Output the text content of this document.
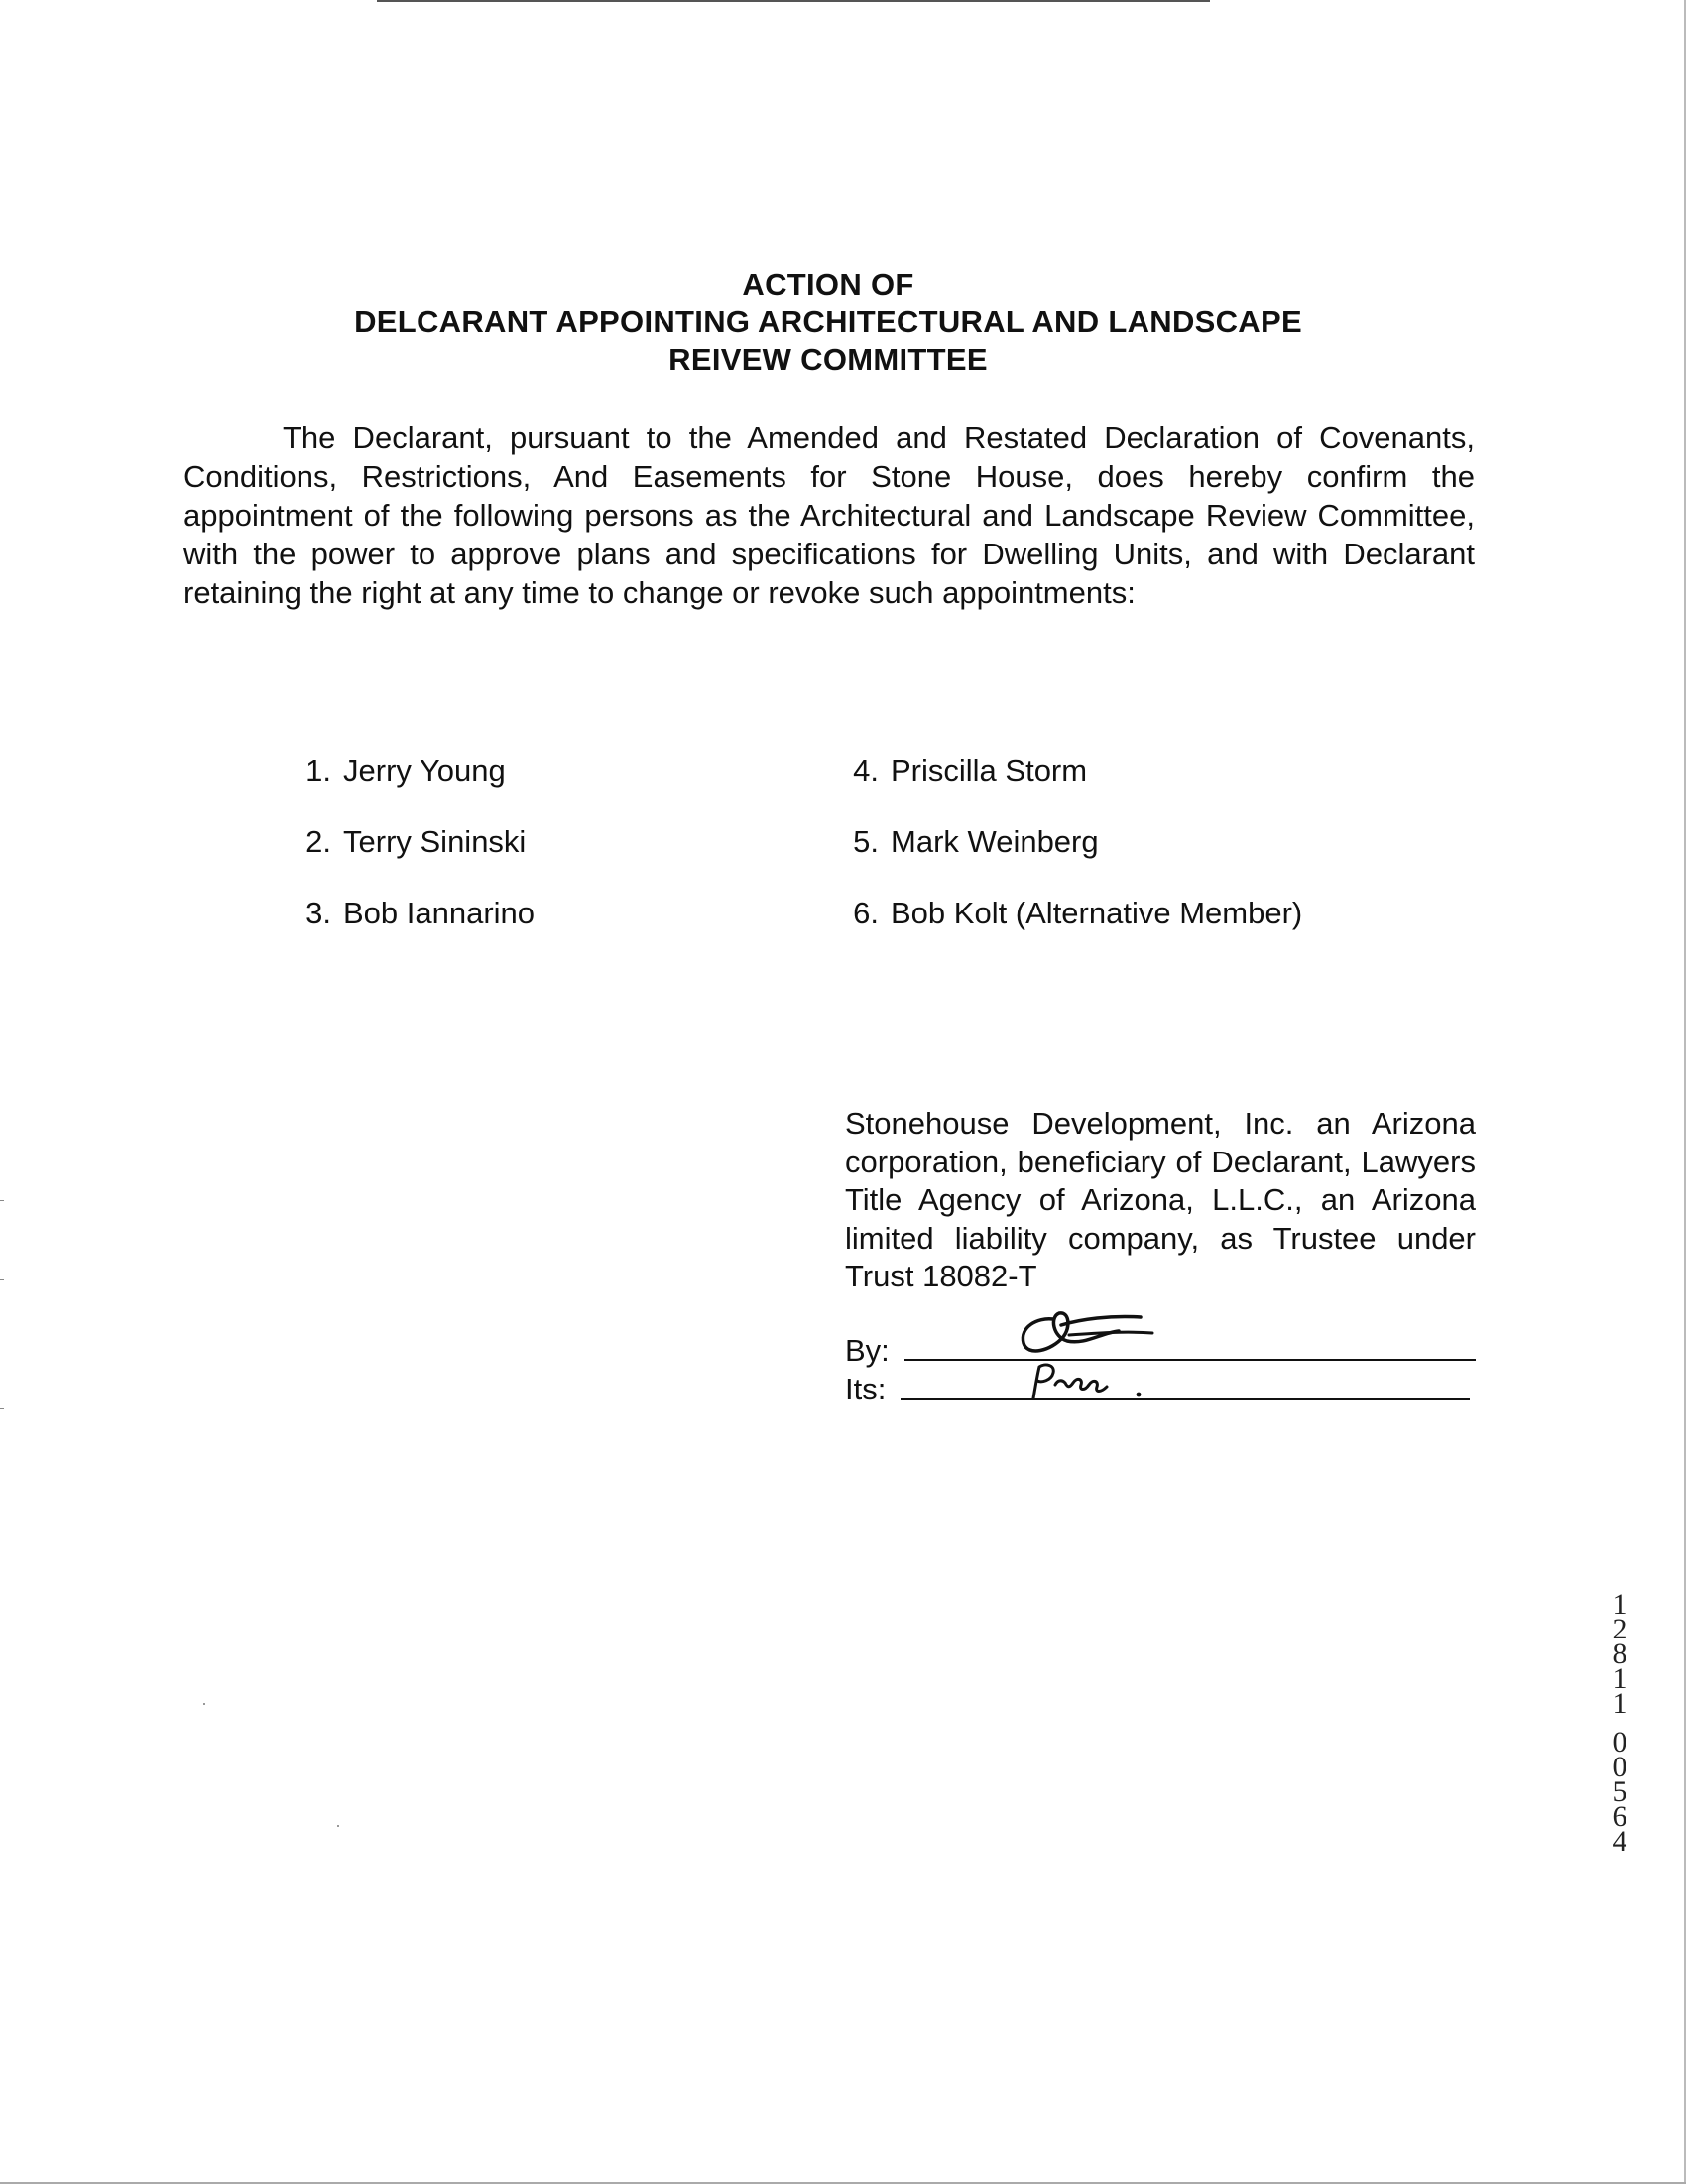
ACTION OF
DELCARANT APPOINTING ARCHITECTURAL AND LANDSCAPE
REIVEW COMMITTEE
The Declarant, pursuant to the Amended and Restated Declaration of Covenants, Conditions, Restrictions, And Easements for Stone House, does hereby confirm the appointment of the following persons as the Architectural and Landscape Review Committee, with the power to approve plans and specifications for Dwelling Units, and with Declarant retaining the right at any time to change or revoke such appointments:
1. Jerry Young
2. Terry Sininski
3. Bob Iannarino
4. Priscilla Storm
5. Mark Weinberg
6. Bob Kolt (Alternative Member)
Stonehouse Development, Inc. an Arizona corporation, beneficiary of Declarant, Lawyers Title Agency of Arizona, L.L.C., an Arizona limited liability company, as Trustee under Trust 18082-T
By:
Its:
1
2
8
1
1
0
0
5
6
4
